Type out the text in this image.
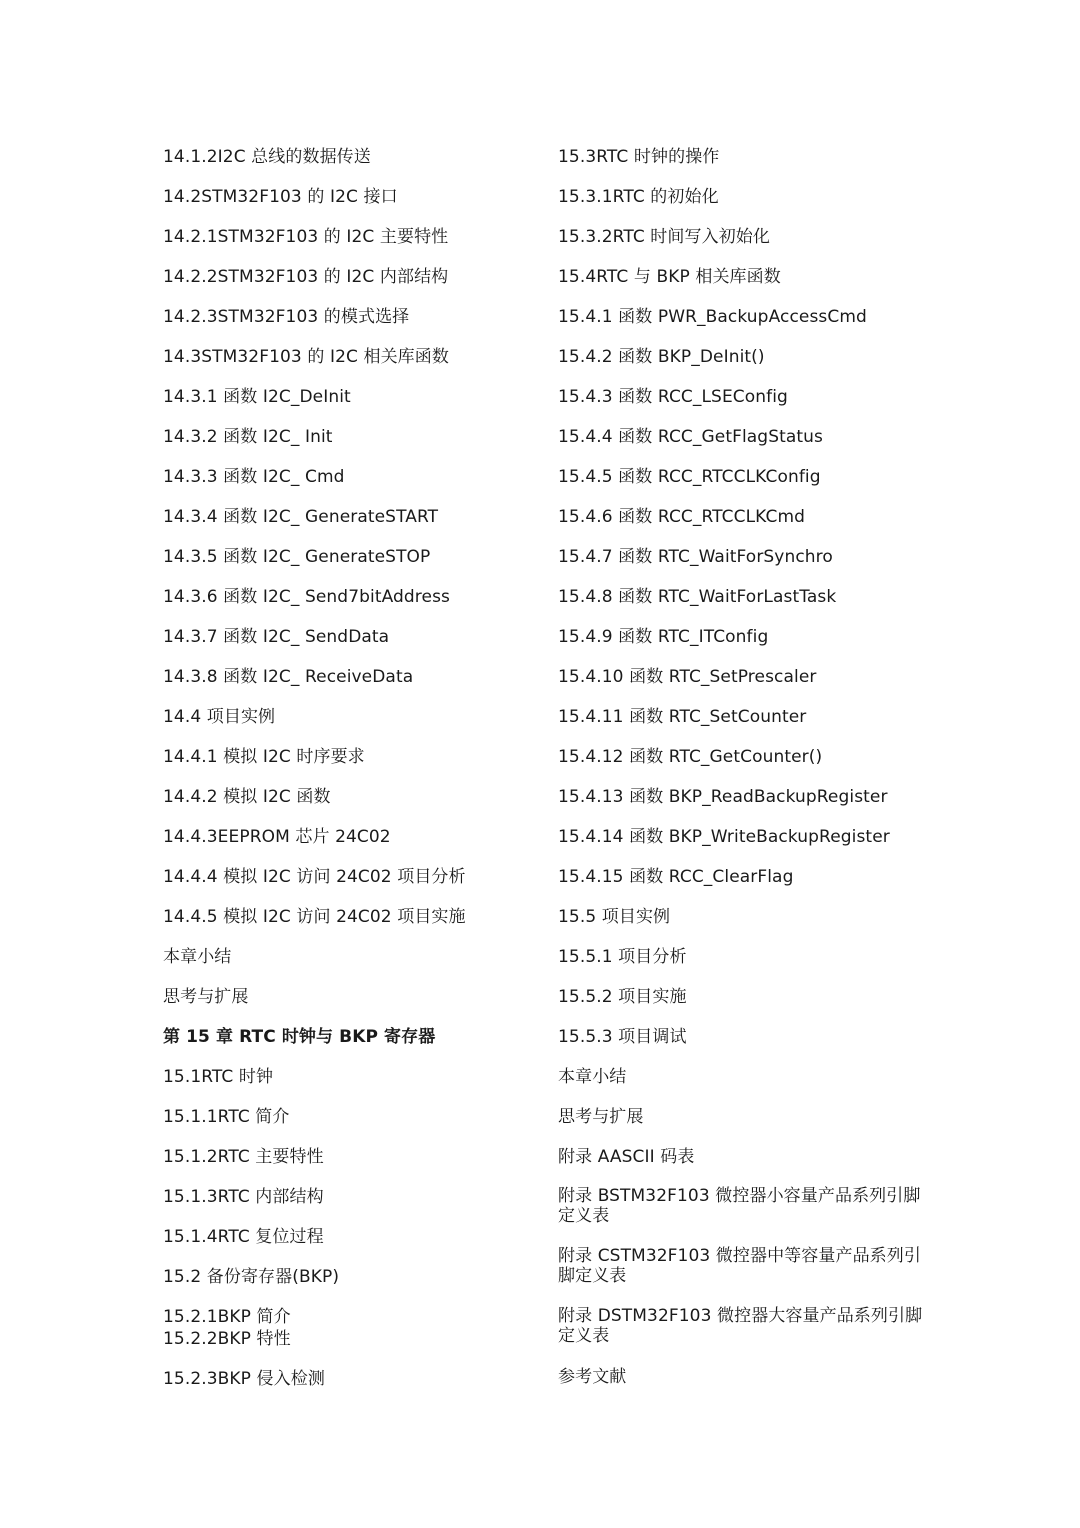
14.1.2I2C 总线的数据传送
14.2STM32F103 的 I2C 接口
14.2.1STM32F103 的 I2C 主要特性
14.2.2STM32F103 的 I2C 内部结构
14.2.3STM32F103 的模式选择
14.3STM32F103 的 I2C 相关库函数
14.3.1 函数 I2C_DeInit
14.3.2 函数 I2C_ Init
14.3.3 函数 I2C_ Cmd
14.3.4 函数 I2C_ GenerateSTART
14.3.5 函数 I2C_ GenerateSTOP
14.3.6 函数 I2C_ Send7bitAddress
14.3.7 函数 I2C_ SendData
14.3.8 函数 I2C_ ReceiveData
14.4 项目实例
14.4.1 模拟 I2C 时序要求
14.4.2 模拟 I2C 函数
14.4.3EEPROM 芯片 24C02
14.4.4 模拟 I2C 访问 24C02 项目分析
14.4.5 模拟 I2C 访问 24C02 项目实施
本章小结
思考与扩展
第 15 章 RTC 时钟与 BKP 寄存器
15.1RTC 时钟
15.1.1RTC 简介
15.1.2RTC 主要特性
15.1.3RTC 内部结构
15.1.4RTC 复位过程
15.2 备份寄存器(BKP)
15.2.1BKP 简介
15.2.2BKP 特性
15.2.3BKP 侵入检测
15.3RTC 时钟的操作
15.3.1RTC 的初始化
15.3.2RTC 时间写入初始化
15.4RTC 与 BKP 相关库函数
15.4.1 函数 PWR_BackupAccessCmd
15.4.2 函数 BKP_DeInit()
15.4.3 函数 RCC_LSEConfig
15.4.4 函数 RCC_GetFlagStatus
15.4.5 函数 RCC_RTCCLKConfig
15.4.6 函数 RCC_RTCCLKCmd
15.4.7 函数 RTC_WaitForSynchro
15.4.8 函数 RTC_WaitForLastTask
15.4.9 函数 RTC_ITConfig
15.4.10 函数 RTC_SetPrescaler
15.4.11 函数 RTC_SetCounter
15.4.12 函数 RTC_GetCounter()
15.4.13 函数 BKP_ReadBackupRegister
15.4.14 函数 BKP_WriteBackupRegister
15.4.15 函数 RCC_ClearFlag
15.5 项目实例
15.5.1 项目分析
15.5.2 项目实施
15.5.3 项目调试
本章小结
思考与扩展
附录 AASCII 码表
附录 BSTM32F103 微控器小容量产品系列引脚定义表
附录 CSTM32F103 微控器中等容量产品系列引脚定义表
附录 DSTM32F103 微控器大容量产品系列引脚定义表
参考文献
